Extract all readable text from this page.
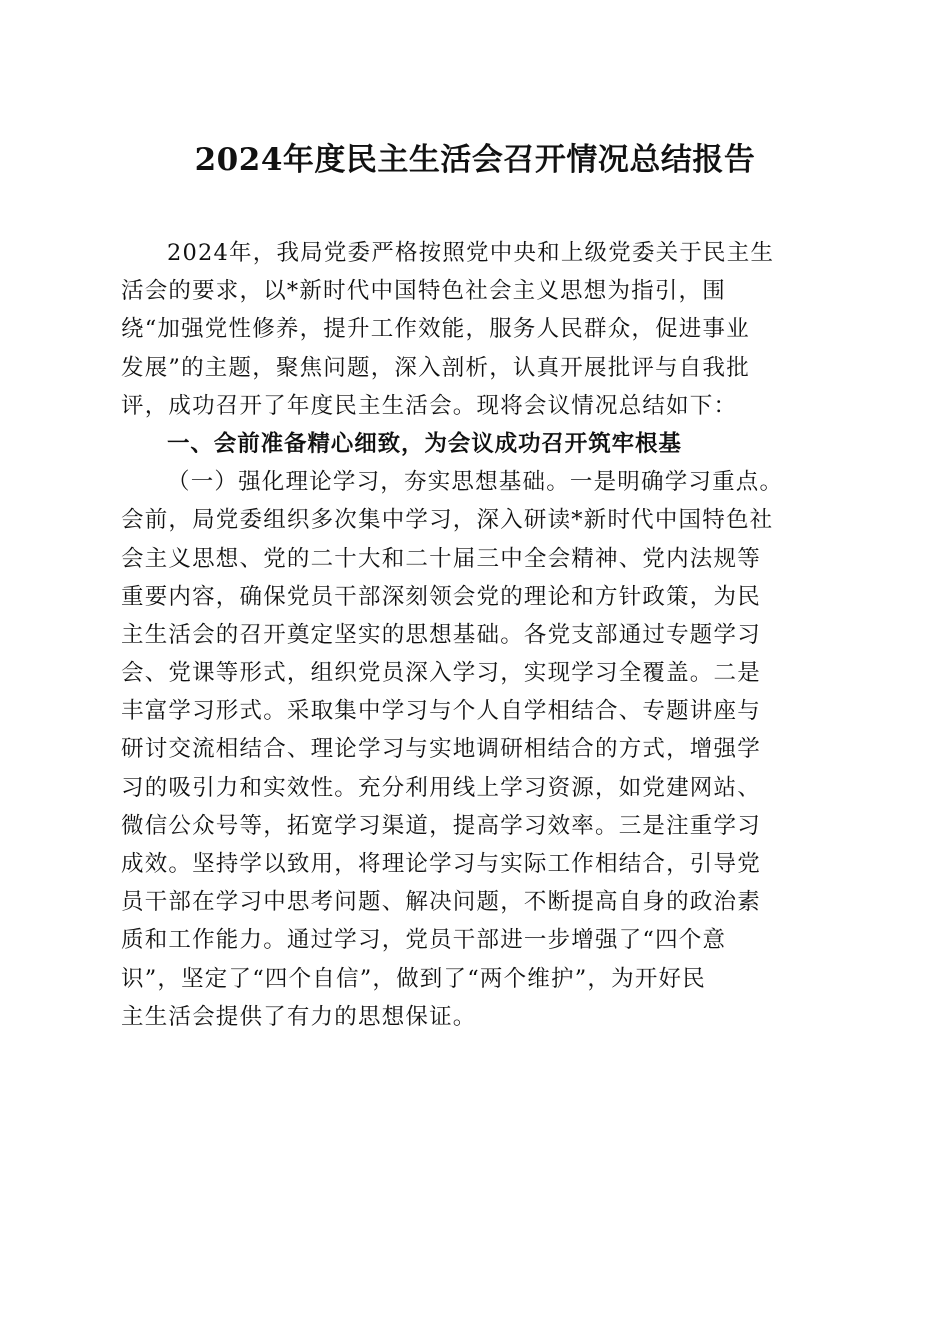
2024年度民主生活会召开情况总结报告
2024年，我局党委严格按照党中央和上级党委关于民主生
活会的要求，以*新时代中国特色社会主义思想为指引，围
绕“加强党性修养，提升工作效能，服务人民群众，促进事业
发展”的主题，聚焦问题，深入剖析，认真开展批评与自我批
评，成功召开了年度民主生活会。现将会议情况总结如下：
一、会前准备精心细致，为会议成功召开筑牢根基
（一）强化理论学习，夯实思想基础。一是明确学习重点。
会前，局党委组织多次集中学习，深入研读*新时代中国特色社
会主义思想、党的二十大和二十届三中全会精神、党内法规等
重要内容，确保党员干部深刻领会党的理论和方针政策，为民
主生活会的召开奠定坚实的思想基础。各党支部通过专题学习
会、党课等形式，组织党员深入学习，实现学习全覆盖。二是
丰富学习形式。采取集中学习与个人自学相结合、专题讲座与
研讨交流相结合、理论学习与实地调研相结合的方式，增强学
习的吸引力和实效性。充分利用线上学习资源，如党建网站、
微信公众号等，拓宽学习渠道，提高学习效率。三是注重学习
成效。坚持学以致用，将理论学习与实际工作相结合，引导党
员干部在学习中思考问题、解决问题，不断提高自身的政治素
质和工作能力。通过学习，党员干部进一步增强了“四个意
识”，坚定了“四个自信”，做到了“两个维护”，为开好民
主生活会提供了有力的思想保证。
